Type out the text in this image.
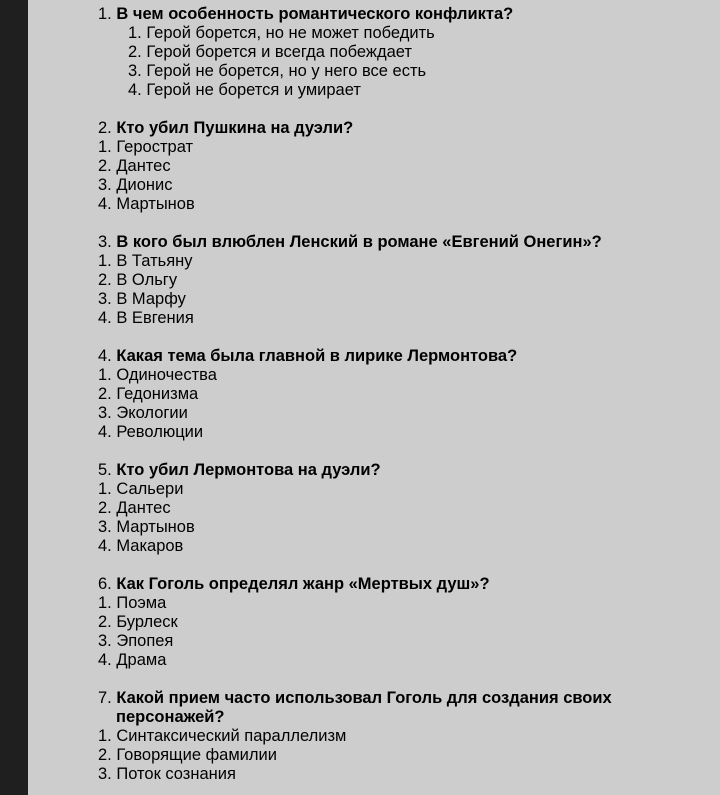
1. В чем особенность романтического конфликта?
1. Герой борется, но не может победить
2. Герой борется и всегда побеждает
3. Герой не борется, но у него все есть
4. Герой не борется и умирает
2. Кто убил Пушкина на дуэли?
1. Герострат
2. Дантес
3. Дионис
4. Мартынов
3. В кого был влюблен Ленский в романе «Евгений Онегин»?
1. В Татьяну
2. В Ольгу
3. В Марфу
4. В Евгения
4. Какая тема была главной в лирике Лермонтова?
1. Одиночества
2. Гедонизма
3. Экологии
4. Революции
5. Кто убил Лермонтова на дуэли?
1. Сальери
2. Дантес
3. Мартынов
4. Макаров
6. Как Гоголь определял жанр «Мертвых душ»?
1. Поэма
2. Бурлеск
3. Эпопея
4. Драма
7. Какой прием часто использовал Гоголь для создания своих
персонажей?
1. Синтаксический параллелизм
2. Говорящие фамилии
3. Поток сознания
